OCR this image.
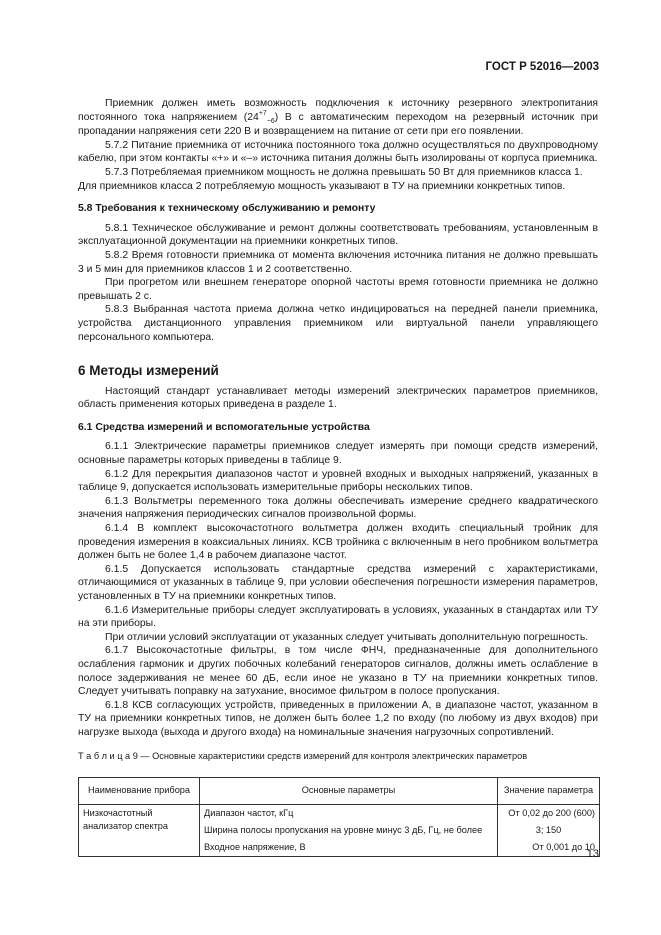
ГОСТ Р 52016—2003

Приемник должен иметь возможность подключения к источнику резервного электропитания постоянного тока напряжением $(24^{+7}_{-6})$ В с автоматическим переходом на резервный источник при пропадании напряжения сети 220 В и возвращением на питание от сети при его появлении.

5.7.2 Питание приемника от источника постоянного тока должно осуществляться по двухпроводному кабелю, при этом контакты «+» и «–» источника питания должны быть изолированы от корпуса приемника.

5.7.3 Потребляемая приемником мощность не должна превышать 50 Вт для приемников класса 1.

Для приемников класса 2 потребляемую мощность указывают в ТУ на приемники конкретных типов.

5.8 Требования к техническому обслуживанию и ремонту

5.8.1 Техническое обслуживание и ремонт должны соответствовать требованиям, установленным в эксплуатационной документации на приемники конкретных типов.

5.8.2 Время готовности приемника от момента включения источника питания не должно превышать 3 и 5 мин для приемников классов 1 и 2 соответственно.

При прогретом или внешнем генераторе опорной частоты время готовности приемника не должно превышать 2 с.

5.8.3 Выбранная частота приема должна четко индицироваться на передней панели приемника, устройства дистанционного управления приемником или виртуальной панели управляющего персонального компьютера.

6 Методы измерений

Настоящий стандарт устанавливает методы измерений электрических параметров приемников, область применения которых приведена в разделе 1.

6.1 Средства измерений и вспомогательные устройства

6.1.1 Электрические параметры приемников следует измерять при помощи средств измерений, основные параметры которых приведены в таблице 9.

6.1.2 Для перекрытия диапазонов частот и уровней входных и выходных напряжений, указанных в таблице 9, допускается использовать измерительные приборы нескольких типов.

6.1.3 Вольтметры переменного тока должны обеспечивать измерение среднего квадратического значения напряжения периодических сигналов произвольной формы.

6.1.4 В комплект высокочастотного вольтметра должен входить специальный тройник для проведения измерения в коаксиальных линиях. КСВ тройника с включенным в него пробником вольтметра должен быть не более 1,4 в рабочем диапазоне частот.

6.1.5 Допускается использовать стандартные средства измерений с характеристиками, отличающимися от указанных в таблице 9, при условии обеспечения погрешности измерения параметров, установленных в ТУ на приемники конкретных типов.

6.1.6 Измерительные приборы следует эксплуатировать в условиях, указанных в стандартах или ТУ на эти приборы.

При отличии условий эксплуатации от указанных следует учитывать дополнительную погрешность.

6.1.7 Высокочастотные фильтры, в том числе ФНЧ, предназначенные для дополнительного ослабления гармоник и других побочных колебаний генераторов сигналов, должны иметь ослабление в полосе задерживания не менее 60 дБ, если иное не указано в ТУ на приемники конкретных типов. Следует учитывать поправку на затухание, вносимое фильтром в полосе пропускания.

6.1.8 КСВ согласующих устройств, приведенных в приложении А, в диапазоне частот, указанном в ТУ на приемники конкретных типов, не должен быть более 1,2 по входу (по любому из двух входов) при нагрузке выхода (выхода и другого входа) на номинальные значения нагрузочных сопротивлений.

Т а б л и ц а 9 — Основные характеристики средств измерений для контроля электрических параметров
Наименование прибора	Основные параметры	Значение параметра
Низкочастотный анализатор спектра	Диапазон частот, кГц	От 0,02 до 200 (600)
	Ширина полосы пропускания на уровне минус 3 дБ, Гц, не более	3; 150
	Входное напряжение, В	От 0,001 до 10
13
